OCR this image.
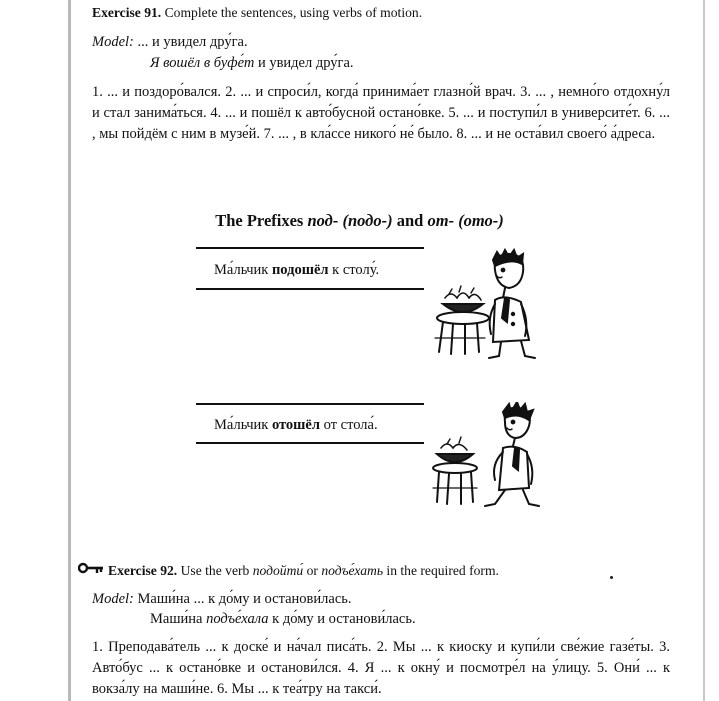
Exercise 91. Complete the sentences, using verbs of motion.
Model: ... и увидел дру́га.
Я вошёл в буфе́т и увидел дру́га.
1. ... и поздоро́вался. 2. ... и спроси́л, когда́ принима́ет глазно́й врач. 3. ... , немно́го отдохну́л и стал занима́ться. 4. ... и пошёл к авто́бусной остано́вке. 5. ... и поступи́л в университе́т. 6. ... , мы пойдём с ним в музе́й. 7. ... , в кла́ссе никого́ не́ было. 8. ... и не оста́вил своего́ а́дреса.
The Prefixes под- (подо-) and от- (ото-)
Ма́льчик подошёл к столу́.
Ма́льчик отошёл от стола́.
Exercise 92. Use the verb подойти́ or подъе́хать in the required form.
Model: Маши́на ... к до́му и останови́лась.
Маши́на подъе́хала к до́му и останови́лась.
1. Преподава́тель ... к доске́ и на́чал писа́ть. 2. Мы ... к киоску и купи́ли све́жие газе́ты. 3. Авто́бус ... к остано́вке и останови́лся. 4. Я ... к окну́ и посмотре́л на у́лицу. 5. Они́ ... к вокза́лу на маши́не. 6. Мы ... к теа́тру на такси́.
